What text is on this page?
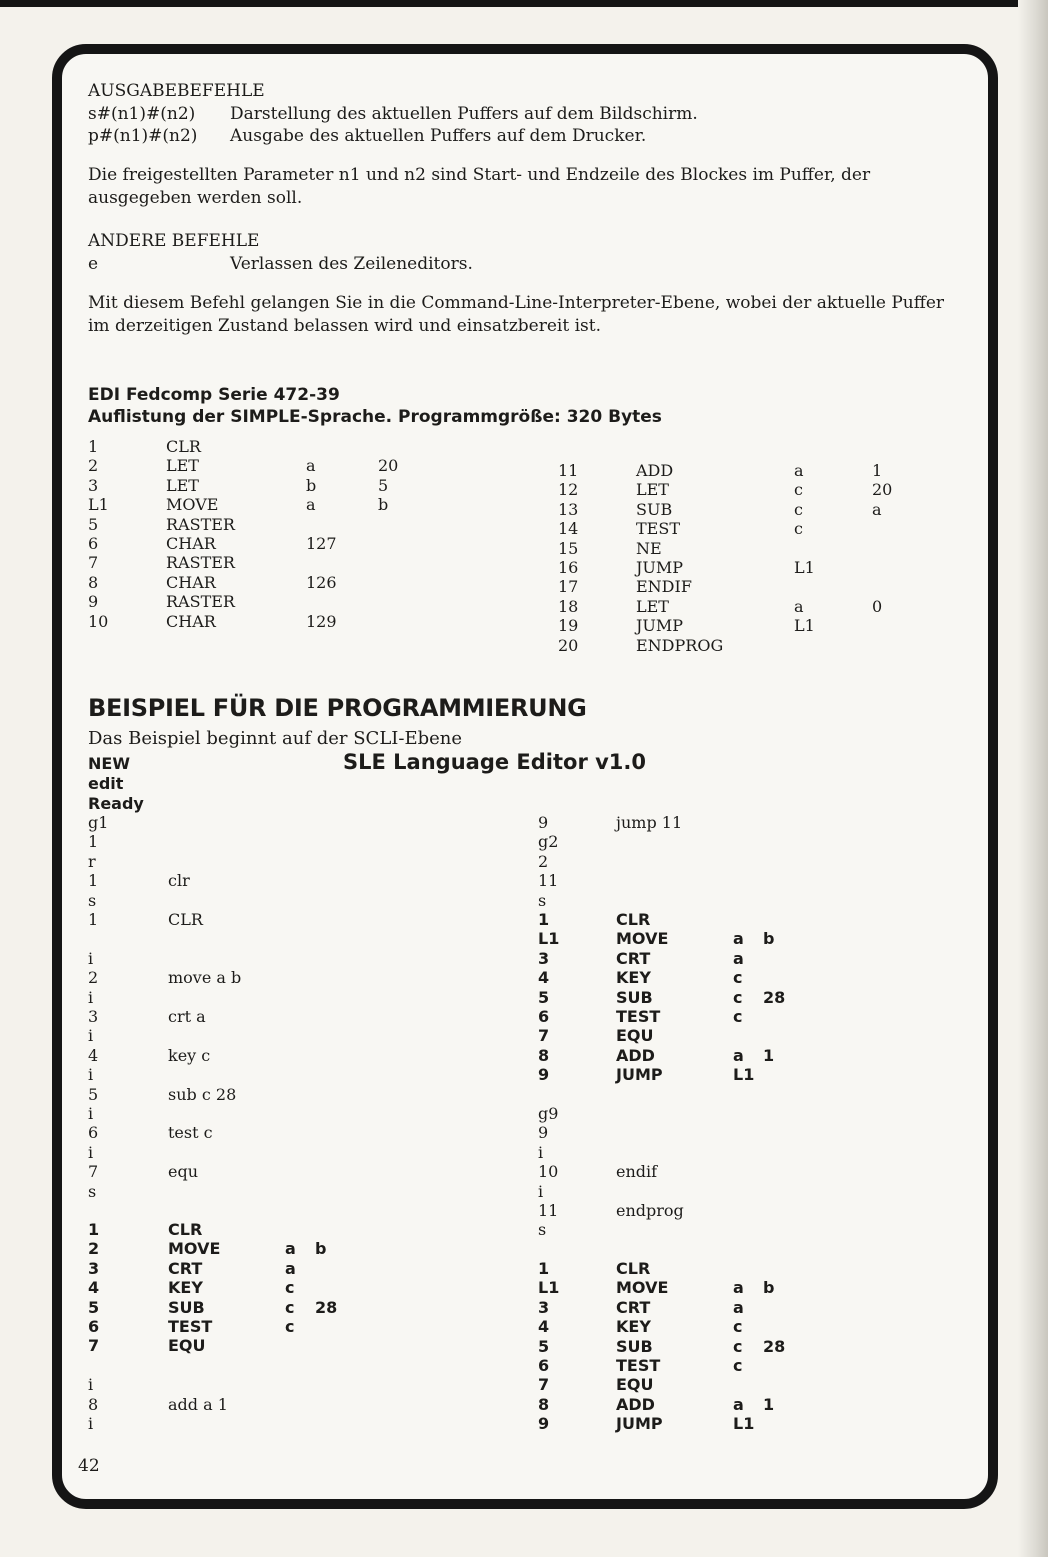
AUSGABEBEFEHLE
s#(n1)#(n2) Darstellung des aktuellen Puffers auf dem Bildschirm.
p#(n1)#(n2) Ausgabe des aktuellen Puffers auf dem Drucker.
Die freigestellten Parameter n1 und n2 sind Start- und Endzeile des Blockes im Puffer, der ausgegeben werden soll.
ANDERE BEFEHLE
e	Verlassen des Zeileneditors.
Mit diesem Befehl gelangen Sie in die Command-Line-Interpreter-Ebene, wobei der aktuelle Puffer im derzeitigen Zustand belassen wird und einsatzbereit ist.
EDI Fedcomp Serie 472-39
Auflistung der SIMPLE-Sprache. Programmgröße: 320 Bytes
1	CLR		
2	LET	a	20
3	LET	b	5
L1	MOVE	a	b
5	RASTER		
6	CHAR	127	
7	RASTER		
8	CHAR	126	
9	RASTER		
10	CHAR	129	
11	ADD	a	1
12	LET	c	20
13	SUB	c	a
14	TEST	c	
15	NE		
16	JUMP	L1	
17	ENDIF		
18	LET	a	0
19	JUMP	L1	
20	ENDPROG		
BEISPIEL FÜR DIE PROGRAMMIERUNG
Das Beispiel beginnt auf der SCLI-Ebene
NEW	SLE Language Editor v1.0
edit
Ready
g1	
1	
r	
1	clr
s	
1	CLR

i	
2	move a b
i	
3	crt a
i	
4	key c
i	
5	sub c 28
i	
6	test c
i	
7	equ
s	
1	CLR		
2	MOVE	a	b
3	CRT	a	
4	KEY	c	
5	SUB	c	28
6	TEST	c	
7	EQU		

i	
8	add a 1
i	
9	jump 11
g2	
2	
11	
s	
1	CLR		
L1	MOVE	a	b
3	CRT	a	
4	KEY	c	
5	SUB	c	28
6	TEST	c	
7	EQU		
8	ADD	a	1
9	JUMP	L1	
g9	
9	
i	
10	endif
i	
11	endprog
s	

1	CLR		
L1	MOVE	a	b
3	CRT	a	
4	KEY	c	
5	SUB	c	28
6	TEST	c	
7	EQU		
8	ADD	a	1
9	JUMP	L1	
42
